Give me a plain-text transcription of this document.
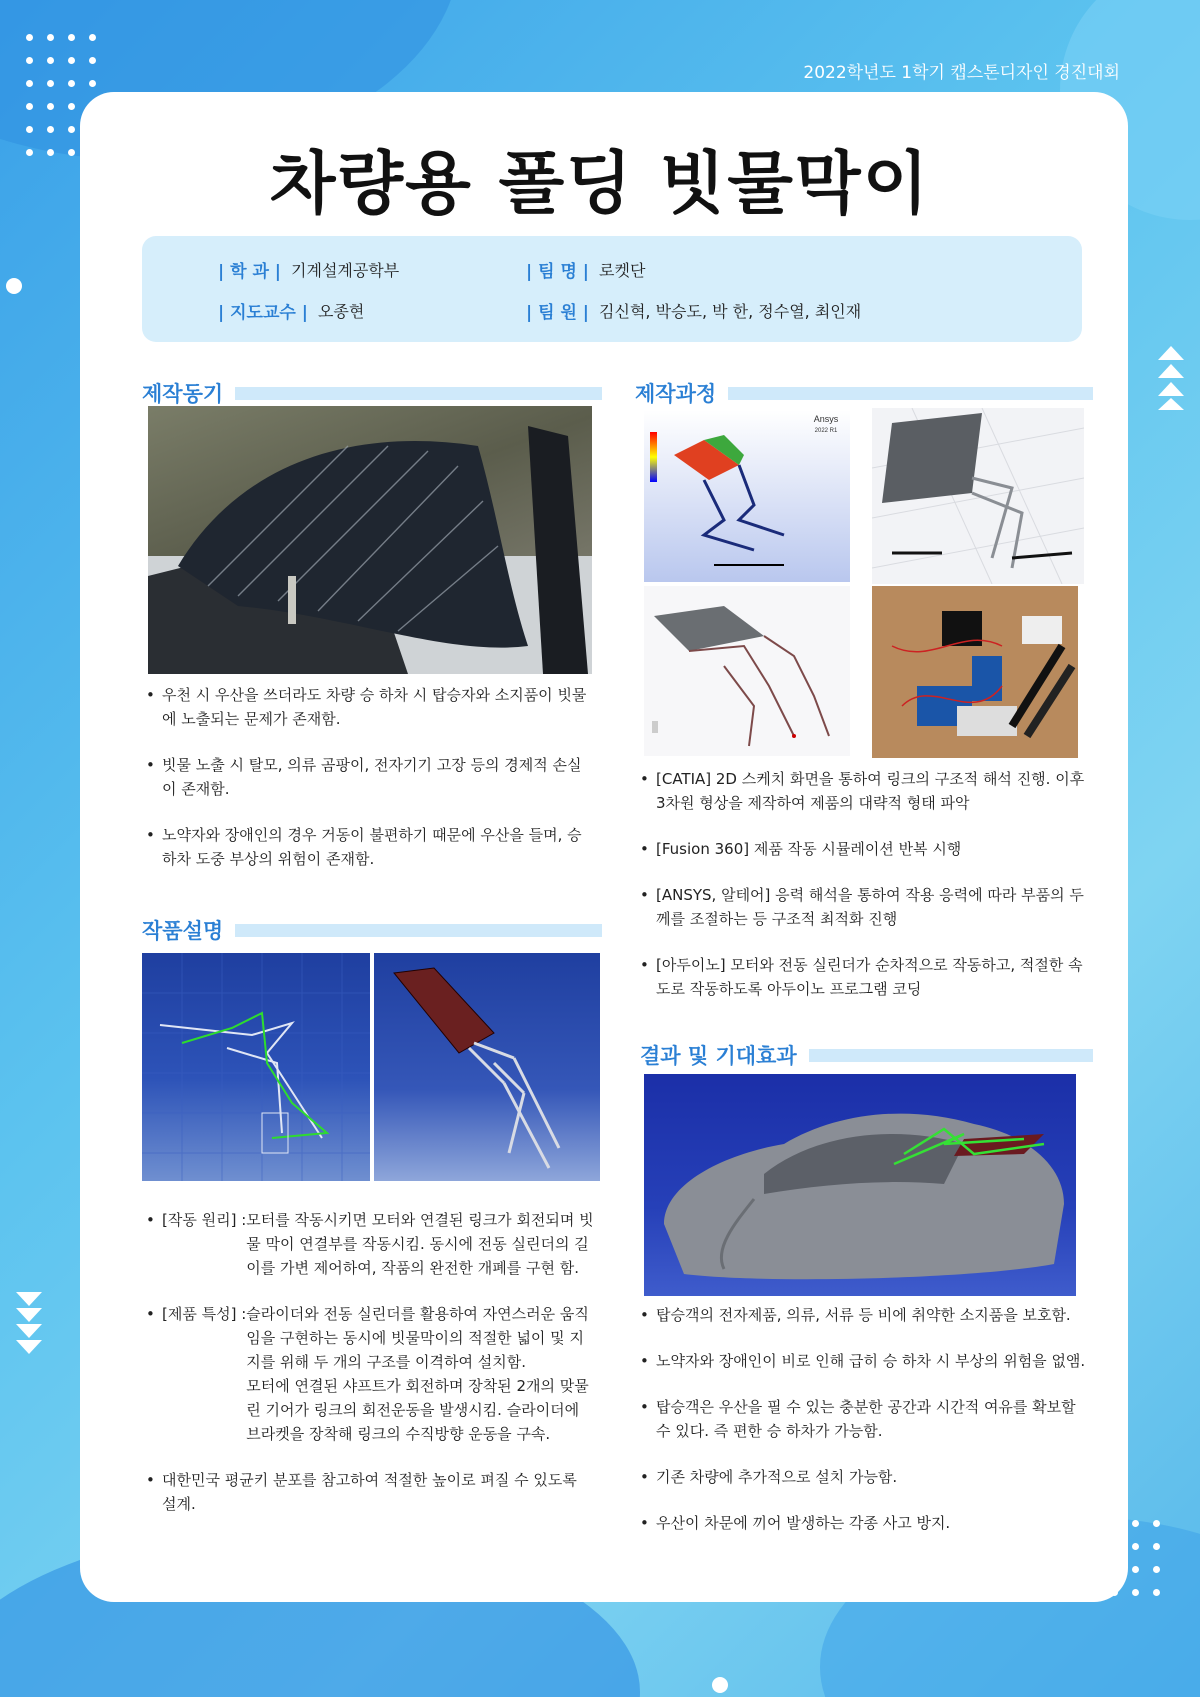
2022학년도 1학기 캡스톤디자인 경진대회
차량용 폴딩 빗물막이
| 학 과 | 기계설계공학부
| 지도교수 | 오종현
| 팀 명 | 로켓단
| 팀 원 | 김신혁, 박승도, 박 한, 정수열, 최인재
제작동기
• 우천 시 우산을 쓰더라도 차량 승 하차 시 탑승자와 소지품이 빗물에 노출되는 문제가 존재함.
• 빗물 노출 시 탈모, 의류 곰팡이, 전자기기 고장 등의 경제적 손실이 존재함.
• 노약자와 장애인의 경우 거동이 불편하기 때문에 우산을 들며, 승하차 도중 부상의 위험이 존재함.
작품설명
• [작동 원리] : 모터를 작동시키면 모터와 연결된 링크가 회전되며 빗물 막이 연결부를 작동시킴. 동시에 전동 실린더의 길이를 가변 제어하여, 작품의 완전한 개폐를 구현 함.
• [제품 특성] : 슬라이더와 전동 실린더를 활용하여 자연스러운 움직임을 구현하는 동시에 빗물막이의 적절한 넓이 및 지지를 위해 두 개의 구조를 이격하여 설치함.
모터에 연결된 샤프트가 회전하며 장착된 2개의 맞물린 기어가 링크의 회전운동을 발생시킴. 슬라이더에 브라켓을 장착해 링크의 수직방향 운동을 구속.
• 대한민국 평균키 분포를 참고하여 적절한 높이로 펴질 수 있도록 설계.
제작과정
Ansys
2022 R1
• [CATIA] 2D 스케치 화면을 통하여 링크의 구조적 해석 진행. 이후 3차원 형상을 제작하여 제품의 대략적 형태 파악
• [Fusion 360] 제품 작동 시뮬레이션 반복 시행
• [ANSYS, 알테어] 응력 해석을 통하여 작용 응력에 따라 부품의 두께를 조절하는 등 구조적 최적화 진행
• [아두이노] 모터와 전동 실린더가 순차적으로 작동하고, 적절한 속도로 작동하도록 아두이노 프로그램 코딩
결과 및 기대효과
• 탑승객의 전자제품, 의류, 서류 등 비에 취약한 소지품을 보호함.
• 노약자와 장애인이 비로 인해 급히 승 하차 시 부상의 위험을 없앰.
• 탑승객은 우산을 필 수 있는 충분한 공간과 시간적 여유를 확보할 수 있다. 즉 편한 승 하차가 가능함.
• 기존 차량에 추가적으로 설치 가능함.
• 우산이 차문에 끼어 발생하는 각종 사고 방지.
